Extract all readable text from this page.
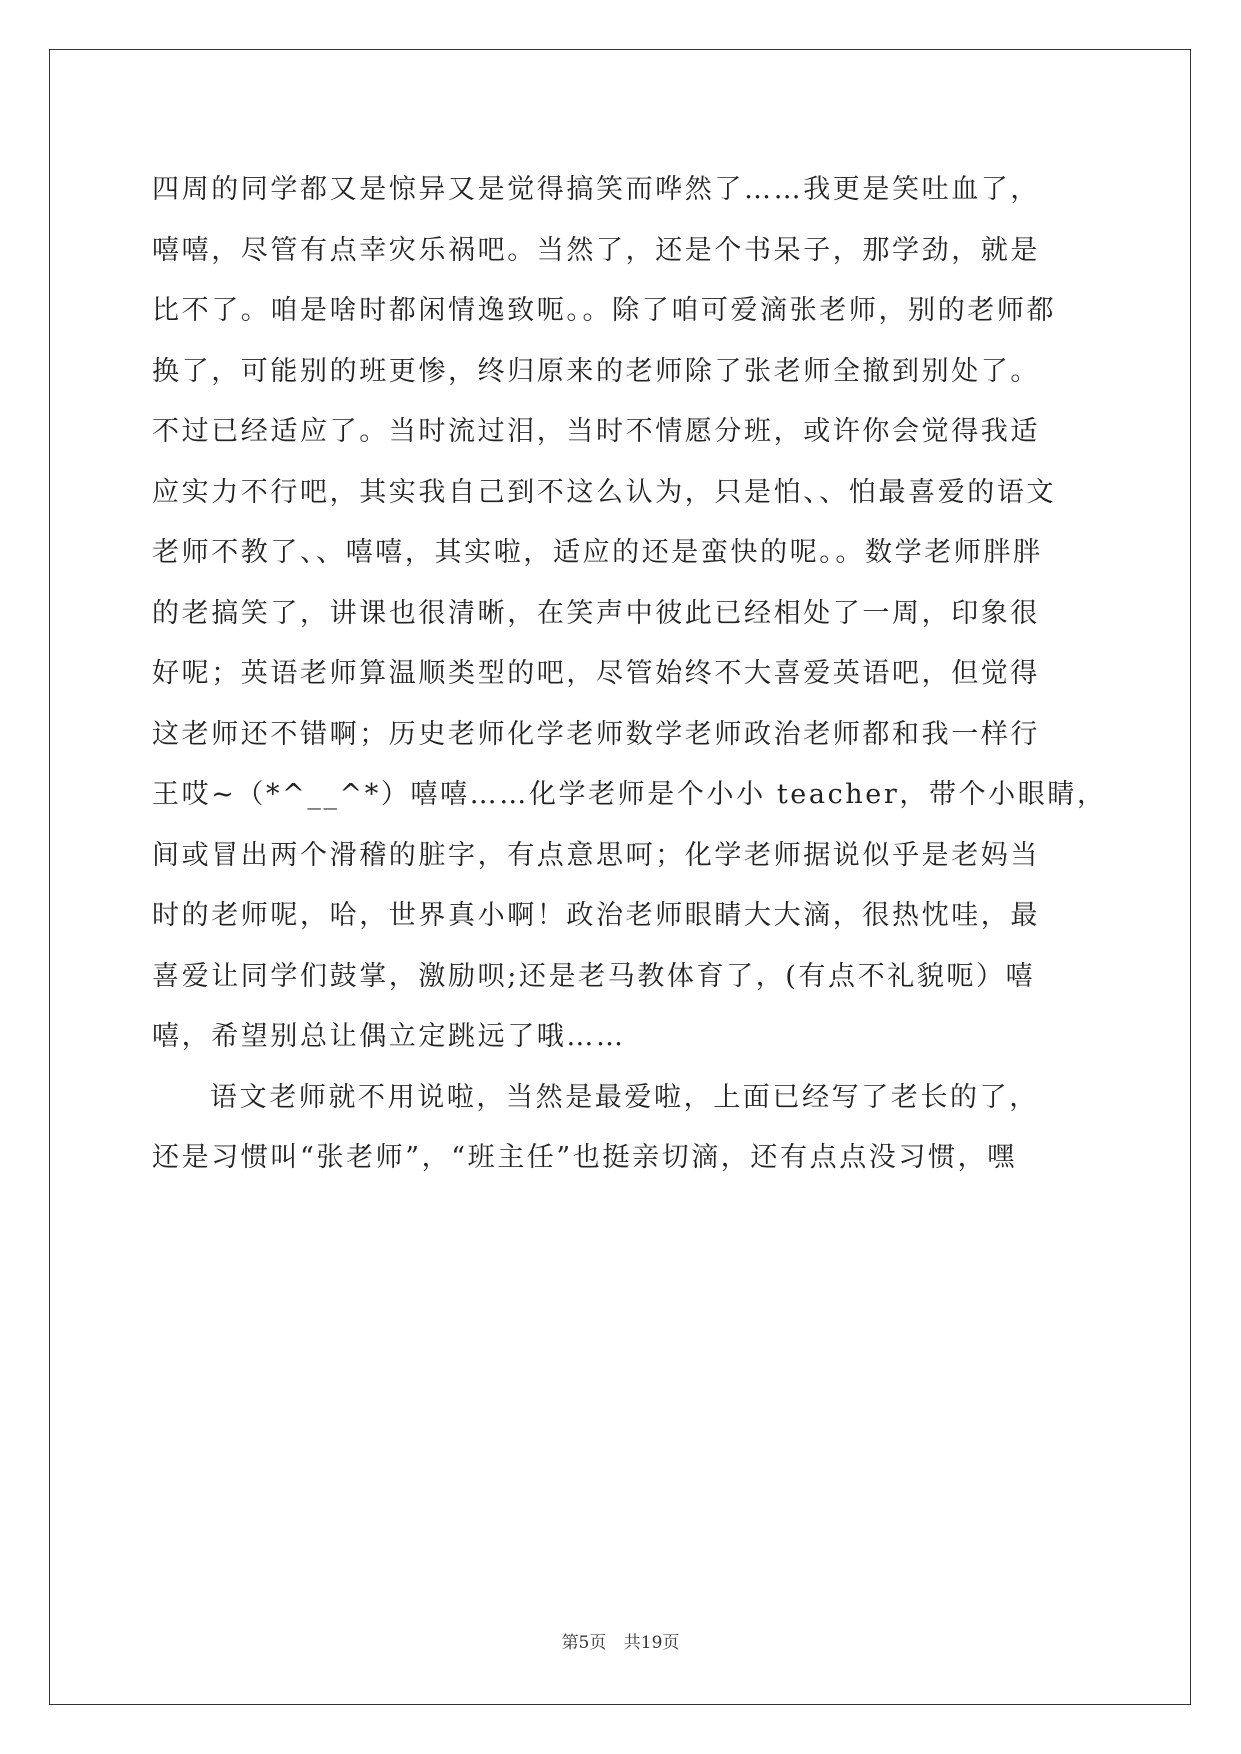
四周的同学都又是惊异又是觉得搞笑而哗然了……我更是笑吐血了，
嘻嘻，尽管有点幸灾乐祸吧。当然了，还是个书呆子，那学劲，就是
比不了。咱是啥时都闲情逸致呃。。除了咱可爱滴张老师，别的老师都
换了，可能别的班更惨，终归原来的老师除了张老师全撤到别处了。
不过已经适应了。当时流过泪，当时不情愿分班，或许你会觉得我适
应实力不行吧，其实我自己到不这么认为，只是怕、、怕最喜爱的语文
老师不教了、、嘻嘻，其实啦，适应的还是蛮快的呢。。数学老师胖胖
的老搞笑了，讲课也很清晰，在笑声中彼此已经相处了一周，印象很
好呢；英语老师算温顺类型的吧，尽管始终不大喜爱英语吧，但觉得
这老师还不错啊；历史老师化学老师数学老师政治老师都和我一样行
王哎~（*^__^*）嘻嘻……化学老师是个小小 teacher，带个小眼睛，
间或冒出两个滑稽的脏字，有点意思呵；化学老师据说似乎是老妈当
时的老师呢，哈，世界真小啊！政治老师眼睛大大滴，很热忱哇，最
喜爱让同学们鼓掌，激励呗;还是老马教体育了，(有点不礼貌呃）嘻
嘻，希望别总让偶立定跳远了哦……
语文老师就不用说啦，当然是最爱啦，上面已经写了老长的了，
还是习惯叫“张老师”，“班主任”也挺亲切滴，还有点点没习惯，嘿
第5页 共19页
